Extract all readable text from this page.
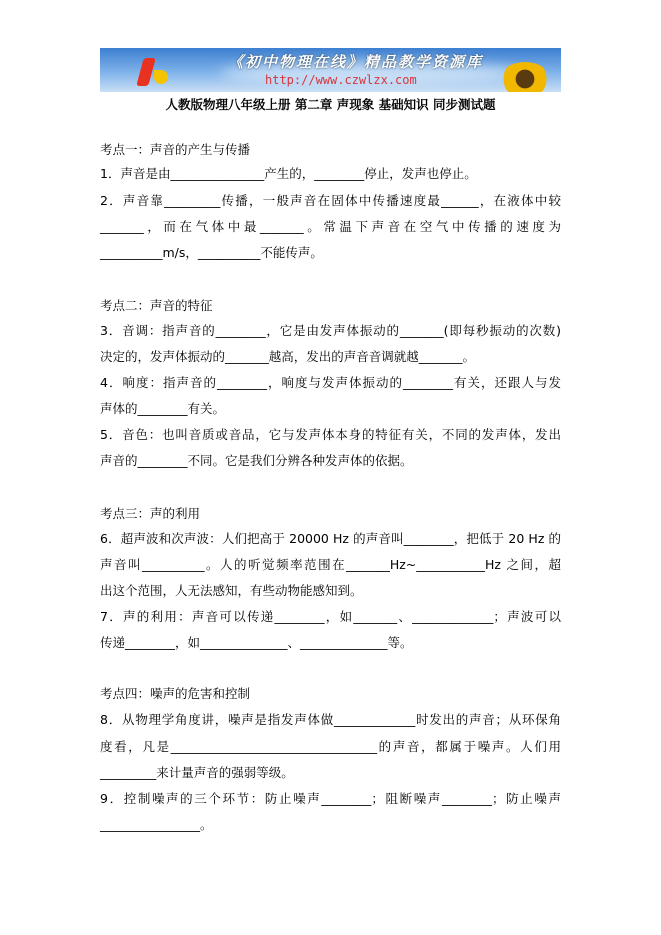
《初中物理在线》精品教学资源库
http://www.czwlzx.com
人教版物理八年级上册 第二章 声现象 基础知识 同步测试题
考点一：声音的产生与传播
1．声音是由_______________产生的，________停止，发声也停止。
2．声音靠_________传播，一般声音在固体中传播速度最______，在液体中较
_______，而在气体中最_______。常温下声音在空气中传播的速度为
__________m/s，__________不能传声。
考点二：声音的特征
3．音调：指声音的________，它是由发声体振动的_______(即每秒振动的次数)
决定的，发声体振动的_______越高，发出的声音音调就越_______。
4．响度：指声音的________，响度与发声体振动的________有关，还跟人与发
声体的________有关。
5．音色：也叫音质或音品，它与发声体本身的特征有关，不同的发声体，发出
声音的________不同。它是我们分辨各种发声体的依据。
考点三：声的利用
6．超声波和次声波：人们把高于 20000 Hz 的声音叫________，把低于 20 Hz 的
声音叫__________。人的听觉频率范围在_______Hz~___________Hz 之间，超
出这个范围，人无法感知，有些动物能感知到。
7．声的利用：声音可以传递________，如_______、_____________；声波可以
传递________，如______________、______________等。
考点四：噪声的危害和控制
8．从物理学角度讲，噪声是指发声体做_____________时发出的声音；从环保角
度看，凡是_________________________________的声音，都属于噪声。人们用
_________来计量声音的强弱等级。
9．控制噪声的三个环节：防止噪声________；阻断噪声________；防止噪声
________________。
